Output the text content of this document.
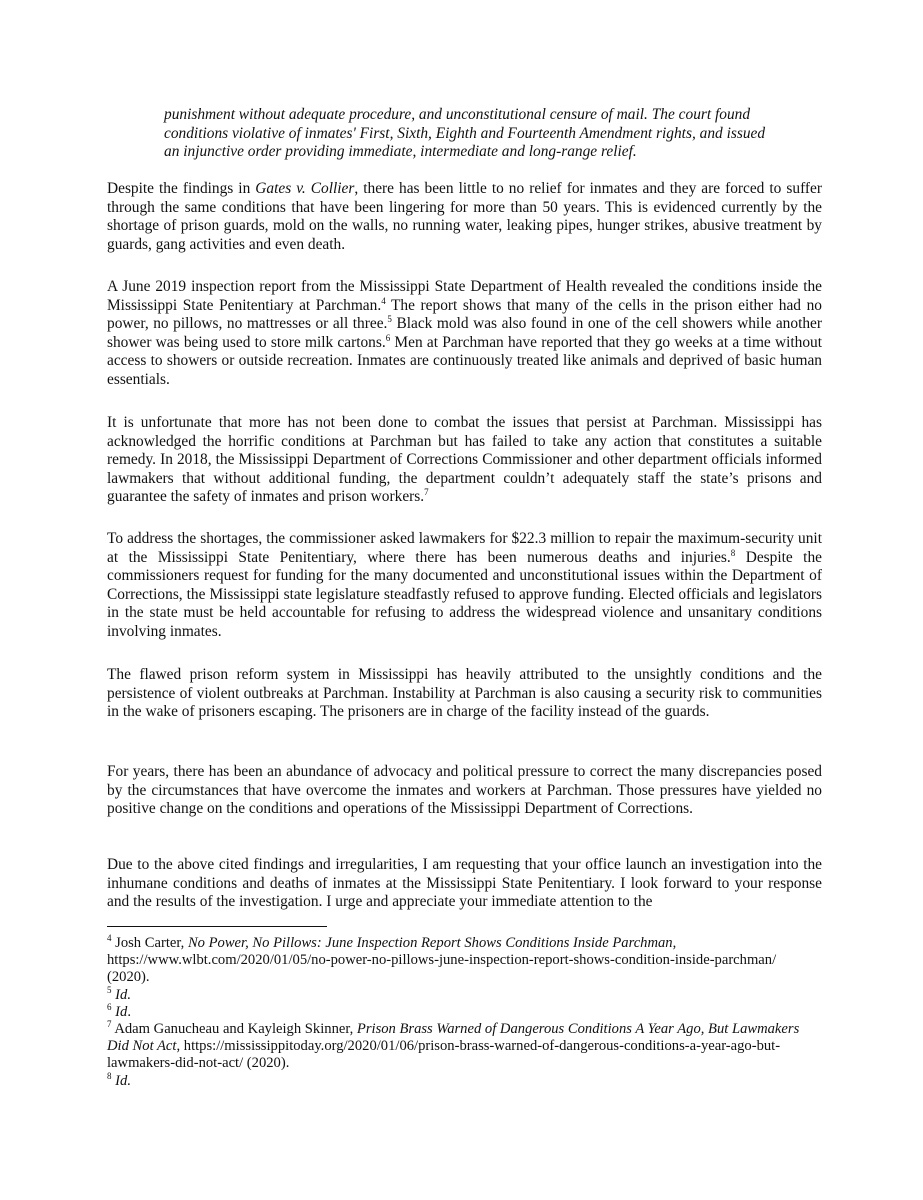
punishment without adequate procedure, and unconstitutional censure of mail. The court found
conditions violative of inmates' First, Sixth, Eighth and Fourteenth Amendment rights, and issued
an injunctive order providing immediate, intermediate and long-range relief.
Despite the findings in Gates v. Collier, there has been little to no relief for inmates and they are forced to suffer through the same conditions that have been lingering for more than 50 years. This is evidenced currently by the shortage of prison guards, mold on the walls, no running water, leaking pipes, hunger strikes, abusive treatment by guards, gang activities and even death.
A June 2019 inspection report from the Mississippi State Department of Health revealed the conditions inside the Mississippi State Penitentiary at Parchman.$^4$ The report shows that many of the cells in the prison either had no power, no pillows, no mattresses or all three.$^5$ Black mold was also found in one of the cell showers while another shower was being used to store milk cartons.$^6$ Men at Parchman have reported that they go weeks at a time without access to showers or outside recreation. Inmates are continuously treated like animals and deprived of basic human essentials.
It is unfortunate that more has not been done to combat the issues that persist at Parchman. Mississippi has acknowledged the horrific conditions at Parchman but has failed to take any action that constitutes a suitable remedy. In 2018, the Mississippi Department of Corrections Commissioner and other department officials informed lawmakers that without additional funding, the department couldn’t adequately staff the state’s prisons and guarantee the safety of inmates and prison workers.$^7$
To address the shortages, the commissioner asked lawmakers for $22.3 million to repair the maximum-security unit at the Mississippi State Penitentiary, where there has been numerous deaths and injuries.$^8$ Despite the commissioners request for funding for the many documented and unconstitutional issues within the Department of Corrections, the Mississippi state legislature steadfastly refused to approve funding. Elected officials and legislators in the state must be held accountable for refusing to address the widespread violence and unsanitary conditions involving inmates.
The flawed prison reform system in Mississippi has heavily attributed to the unsightly conditions and the persistence of violent outbreaks at Parchman. Instability at Parchman is also causing a security risk to communities in the wake of prisoners escaping. The prisoners are in charge of the facility instead of the guards.
For years, there has been an abundance of advocacy and political pressure to correct the many discrepancies posed by the circumstances that have overcome the inmates and workers at Parchman. Those pressures have yielded no positive change on the conditions and operations of the Mississippi Department of Corrections.
Due to the above cited findings and irregularities, I am requesting that your office launch an investigation into the inhumane conditions and deaths of inmates at the Mississippi State Penitentiary. I look forward to your response and the results of the investigation. I urge and appreciate your immediate attention to the
$^4$ Josh Carter, No Power, No Pillows: June Inspection Report Shows Conditions Inside Parchman,
https://www.wlbt.com/2020/01/05/no-power-no-pillows-june-inspection-report-shows-condition-inside-parchman/
(2020).
$^5$ Id.
$^6$ Id.
$^7$ Adam Ganucheau and Kayleigh Skinner, Prison Brass Warned of Dangerous Conditions A Year Ago, But Lawmakers Did Not Act, https://mississippitoday.org/2020/01/06/prison-brass-warned-of-dangerous-conditions-a-year-ago-but-lawmakers-did-not-act/ (2020).
$^8$ Id.
